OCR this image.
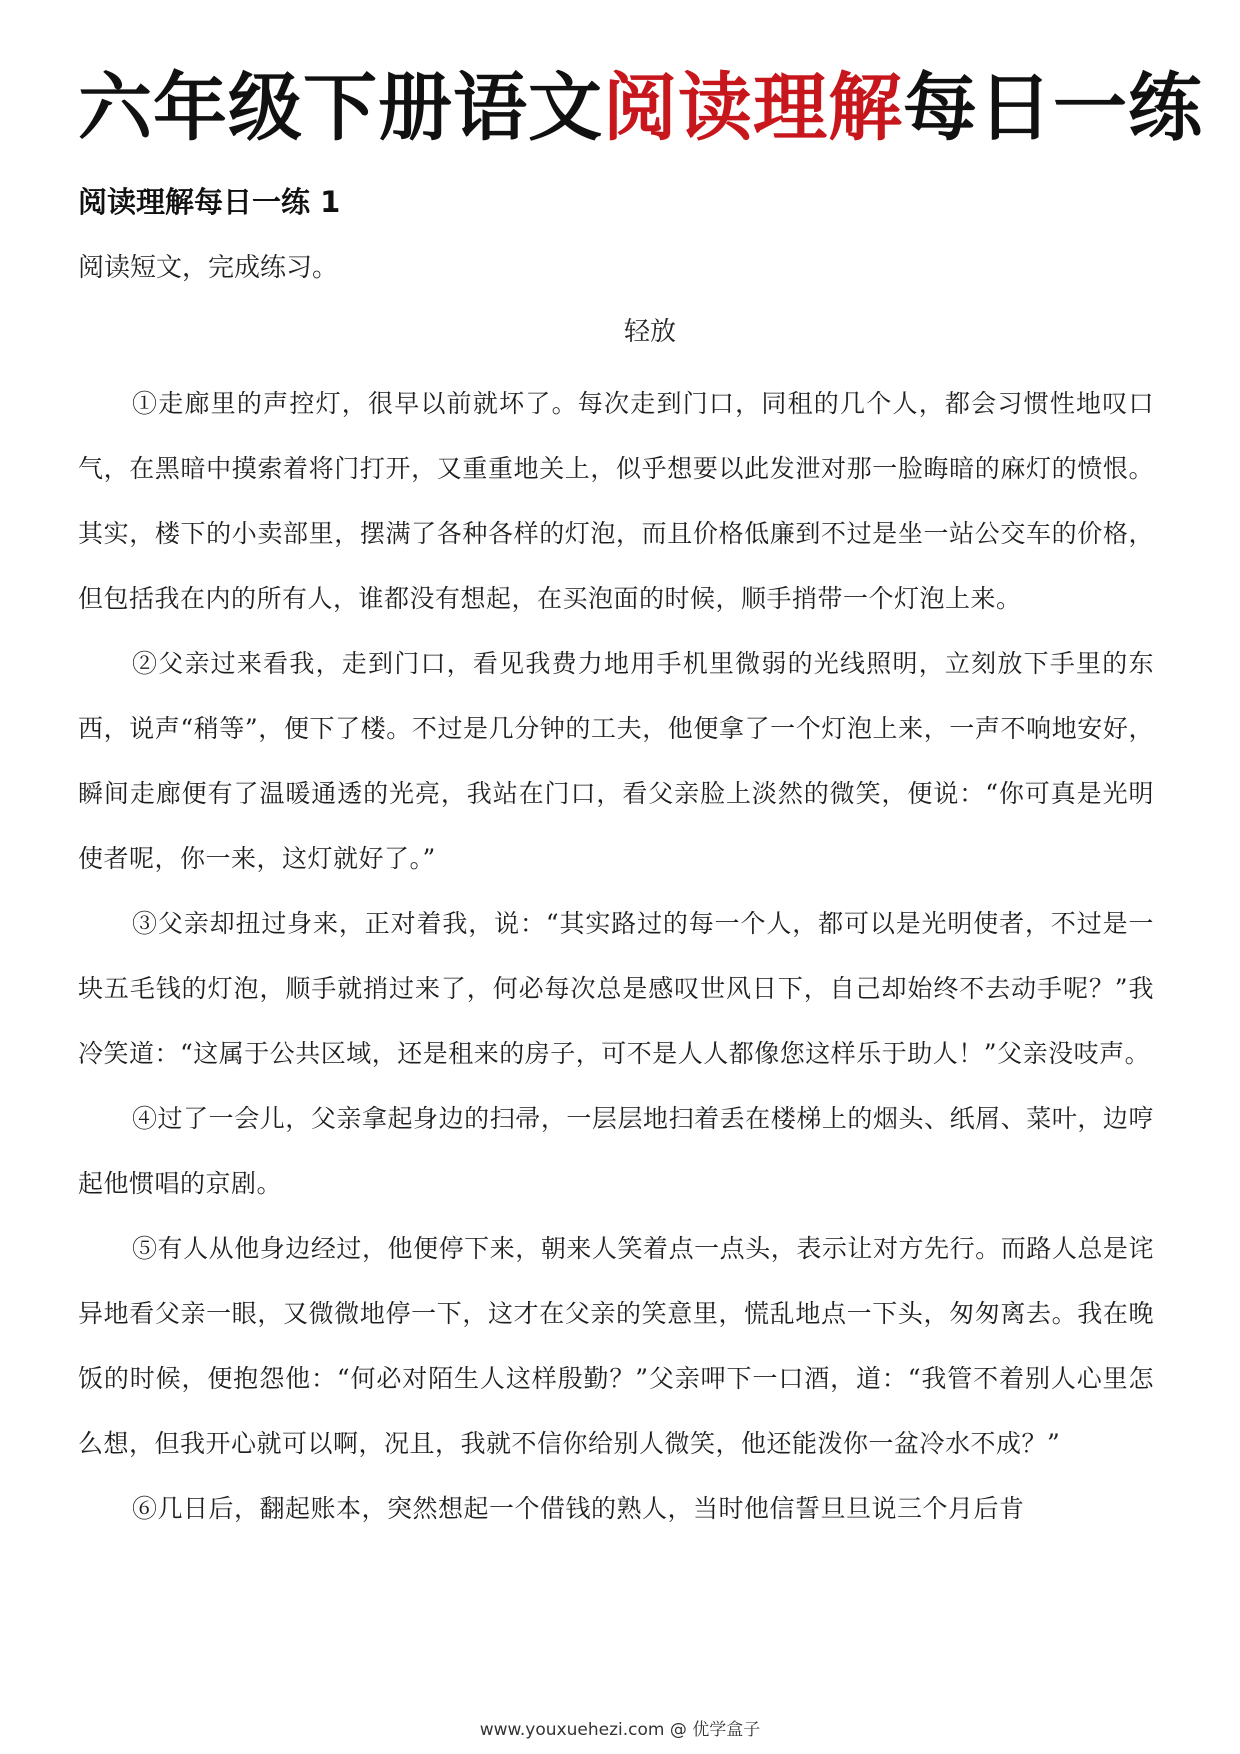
六年级下册语文阅读理解每日一练
阅读理解每日一练 1
阅读短文，完成练习。
轻放

①走廊里的声控灯，很早以前就坏了。每次走到门口，同租的几个人，都会习惯性地叹口气，在黑暗中摸索着将门打开，又重重地关上，似乎想要以此发泄对那一脸晦暗的麻灯的愤恨。其实，楼下的小卖部里，摆满了各种各样的灯泡，而且价格低廉到不过是坐一站公交车的价格，但包括我在内的所有人，谁都没有想起，在买泡面的时候，顺手捎带一个灯泡上来。

②父亲过来看我，走到门口，看见我费力地用手机里微弱的光线照明，立刻放下手里的东西，说声“稍等”，便下了楼。不过是几分钟的工夫，他便拿了一个灯泡上来，一声不响地安好，瞬间走廊便有了温暖通透的光亮，我站在门口，看父亲脸上淡然的微笑，便说：“你可真是光明使者呢，你一来，这灯就好了。”

③父亲却扭过身来，正对着我，说：“其实路过的每一个人，都可以是光明使者，不过是一块五毛钱的灯泡，顺手就捎过来了，何必每次总是感叹世风日下，自己却始终不去动手呢？”我冷笑道：“这属于公共区域，还是租来的房子，可不是人人都像您这样乐于助人！”父亲没吱声。

④过了一会儿，父亲拿起身边的扫帚，一层层地扫着丢在楼梯上的烟头、纸屑、菜叶，边哼起他惯唱的京剧。

⑤有人从他身边经过，他便停下来，朝来人笑着点一点头，表示让对方先行。而路人总是诧异地看父亲一眼，又微微地停一下，这才在父亲的笑意里，慌乱地点一下头，匆匆离去。我在晚饭的时候，便抱怨他：“何必对陌生人这样殷勤？”父亲呷下一口酒，道：“我管不着别人心里怎么想，但我开心就可以啊，况且，我就不信你给别人微笑，他还能泼你一盆冷水不成？”

⑥几日后，翻起账本，突然想起一个借钱的熟人，当时他信誓旦旦说三个月后肯

www.youxuehezi.com @ 优学盒子
